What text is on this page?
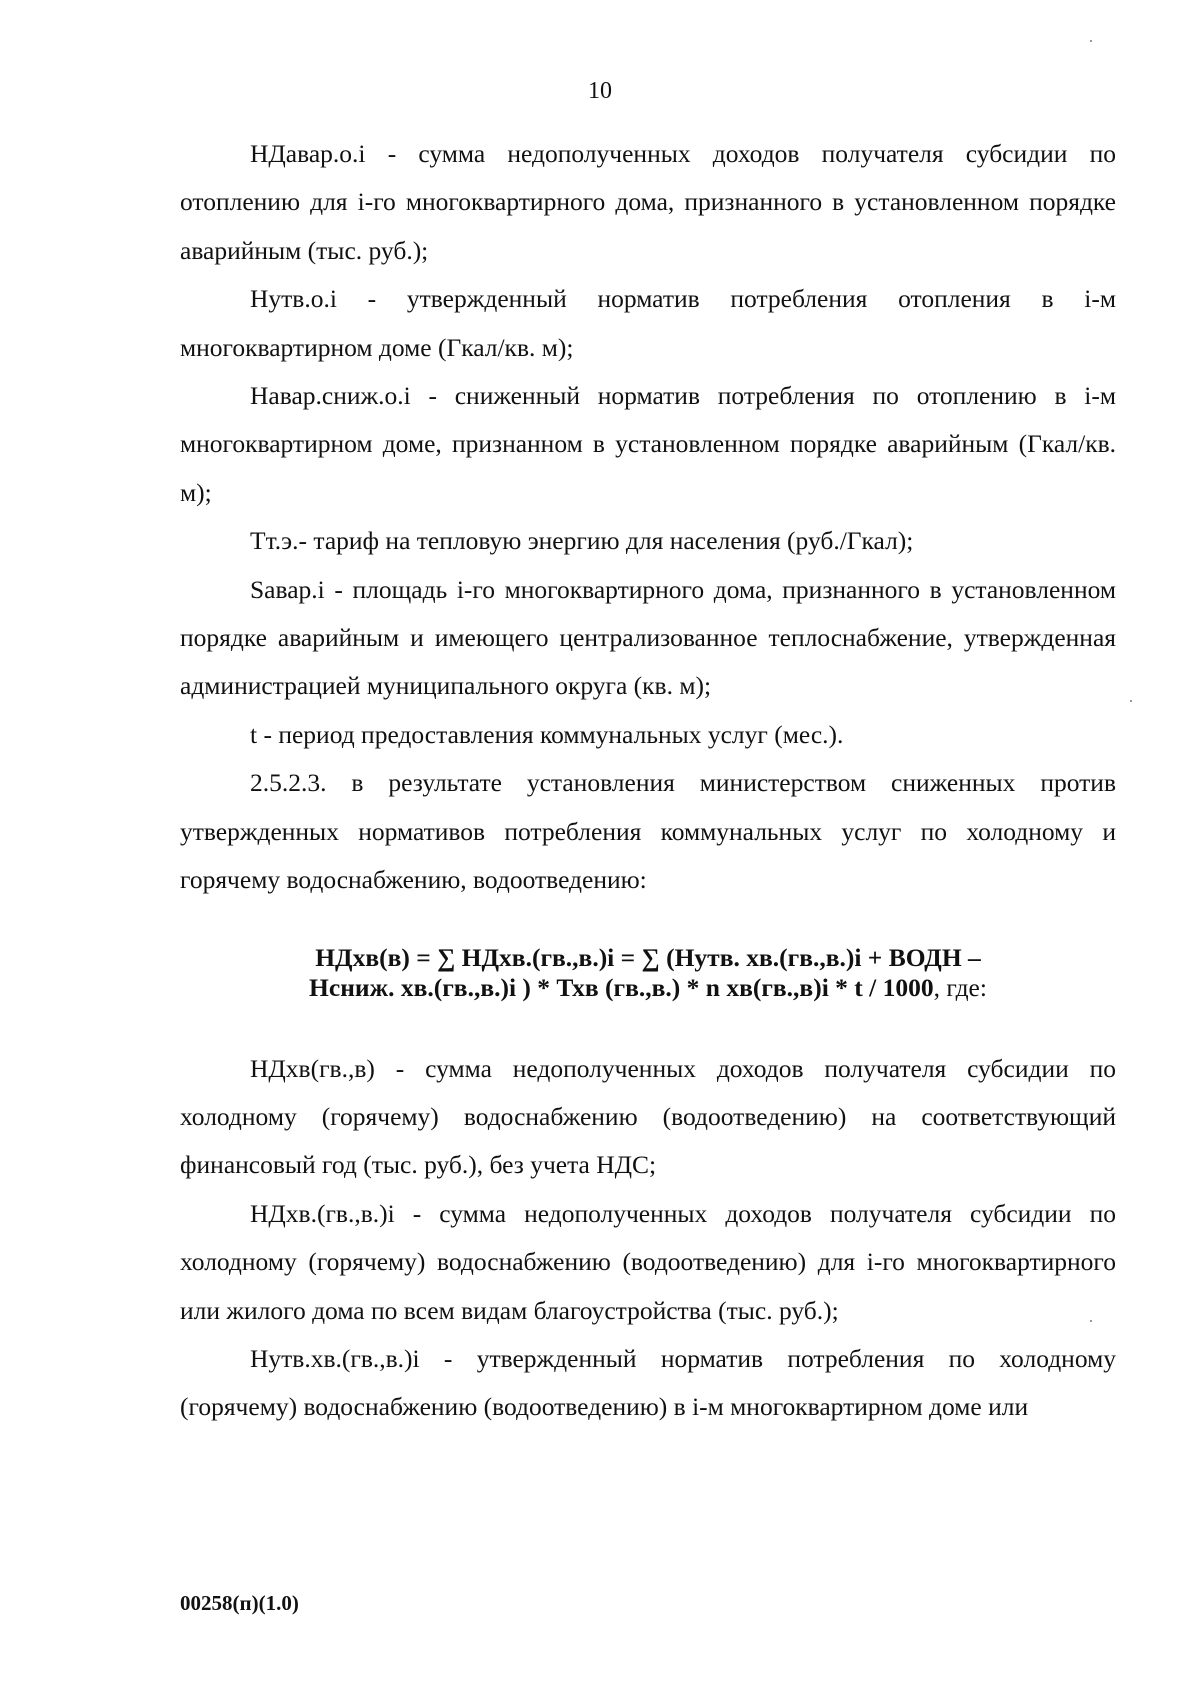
10

НДавар.о.i - сумма недополученных доходов получателя субсидии по отоплению для i-го многоквартирного дома, признанного в установленном порядке аварийным (тыс. руб.);

Нутв.о.i - утвержденный норматив потребления отопления в i-м многоквартирном доме (Гкал/кв. м);

Навар.сниж.о.i - сниженный норматив потребления по отоплению в i-м многоквартирном доме, признанном в установленном порядке аварийным (Гкал/кв. м);

Тт.э.- тариф на тепловую энергию для населения (руб./Гкал);

Sавар.i - площадь i-го многоквартирного дома, признанного в установленном порядке аварийным и имеющего централизованное теплоснабжение, утвержденная администрацией муниципального округа (кв. м);

t - период предоставления коммунальных услуг (мес.).

2.5.2.3. в результате установления министерством сниженных против утвержденных нормативов потребления коммунальных услуг по холодному и горячему водоснабжению, водоотведению:

НДхв(в) = ∑ НДхв.(гв.,в.)i = ∑ (Нутв. хв.(гв.,в.)i + ВОДН –
Нсниж. хв.(гв.,в.)i ) * Тхв (гв.,в.) * n хв(гв.,в)i * t / 1000, где:

НДхв(гв.,в) - сумма недополученных доходов получателя субсидии по холодному (горячему) водоснабжению (водоотведению) на соответствующий финансовый год (тыс. руб.), без учета НДС;

НДхв.(гв.,в.)i - сумма недополученных доходов получателя субсидии по холодному (горячему) водоснабжению (водоотведению) для i-го многоквартирного или жилого дома по всем видам благоустройства (тыс. руб.);

Нутв.хв.(гв.,в.)i - утвержденный норматив потребления по холодному (горячему) водоснабжению (водоотведению) в i-м многоквартирном доме или

00258(п)(1.0)
